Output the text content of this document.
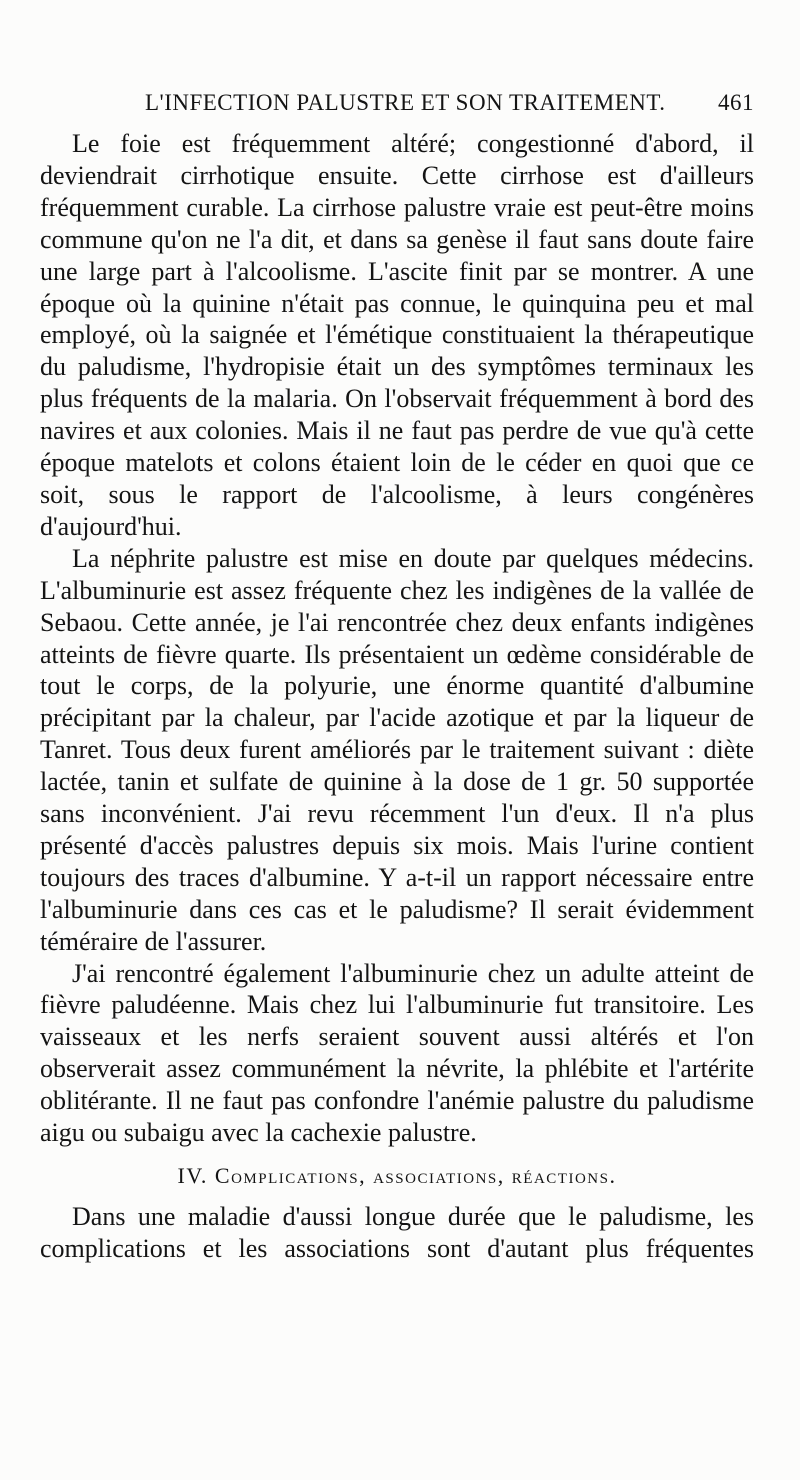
L'INFECTION PALUSTRE ET SON TRAITEMENT. 461

Le foie est fréquemment altéré; congestionné d'abord, il deviendrait cirrhotique ensuite. Cette cirrhose est d'ailleurs fréquemment curable. La cirrhose palustre vraie est peut-être moins commune qu'on ne l'a dit, et dans sa genèse il faut sans doute faire une large part à l'alcoolisme. L'ascite finit par se montrer. A une époque où la quinine n'était pas connue, le quinquina peu et mal employé, où la saignée et l'émétique constituaient la thérapeutique du paludisme, l'hydropisie était un des symptômes terminaux les plus fréquents de la malaria. On l'observait fréquemment à bord des navires et aux colonies. Mais il ne faut pas perdre de vue qu'à cette époque matelots et colons étaient loin de le céder en quoi que ce soit, sous le rapport de l'alcoolisme, à leurs congénères d'aujourd'hui.

La néphrite palustre est mise en doute par quelques médecins. L'albuminurie est assez fréquente chez les indigènes de la vallée de Sebaou. Cette année, je l'ai rencontrée chez deux enfants indigènes atteints de fièvre quarte. Ils présentaient un œdème considérable de tout le corps, de la polyurie, une énorme quantité d'albumine précipitant par la chaleur, par l'acide azotique et par la liqueur de Tanret. Tous deux furent améliorés par le traitement suivant : diète lactée, tanin et sulfate de quinine à la dose de 1 gr. 50 supportée sans inconvénient. J'ai revu récemment l'un d'eux. Il n'a plus présenté d'accès palustres depuis six mois. Mais l'urine contient toujours des traces d'albumine. Y a-t-il un rapport nécessaire entre l'albuminurie dans ces cas et le paludisme? Il serait évidemment téméraire de l'assurer.

J'ai rencontré également l'albuminurie chez un adulte atteint de fièvre paludéenne. Mais chez lui l'albuminurie fut transitoire. Les vaisseaux et les nerfs seraient souvent aussi altérés et l'on observerait assez communément la névrite, la phlébite et l'artérite oblitérante. Il ne faut pas confondre l'anémie palustre du paludisme aigu ou subaigu avec la cachexie palustre.

IV. Complications, associations, réactions.

Dans une maladie d'aussi longue durée que le paludisme, les complications et les associations sont d'autant plus fréquentes
